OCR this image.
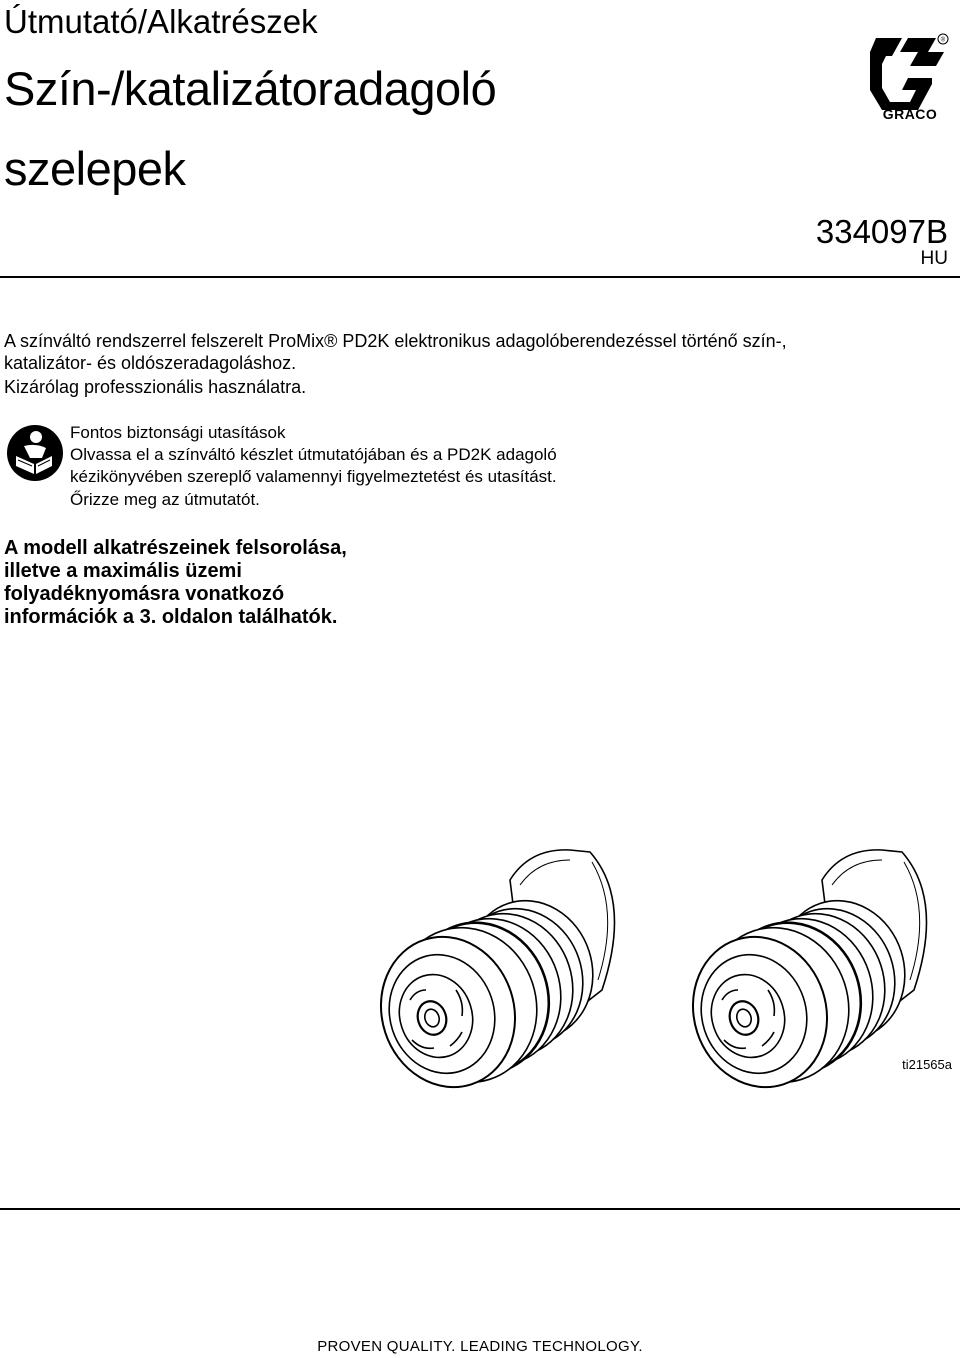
Útmutató/Alkatrészek
Szín-/katalizátoradagoló
szelepek
®
GRACO
334097B
HU
A színváltó rendszerrel felszerelt ProMix® PD2K elektronikus adagolóberendezéssel történő szín-,
katalizátor- és oldószeradagoláshoz.
Kizárólag professzionális használatra.
Fontos biztonsági utasítások
Olvassa el a színváltó készlet útmutatójában és a PD2K adagoló
kézikönyvében szereplő valamennyi figyelmeztetést és utasítást.
Őrizze meg az útmutatót.
A modell alkatrészeinek felsorolása,
illetve a maximális üzemi
folyadéknyomásra vonatkozó
információk a 3. oldalon találhatók.
ti21565a
PROVEN QUALITY. LEADING TECHNOLOGY.
